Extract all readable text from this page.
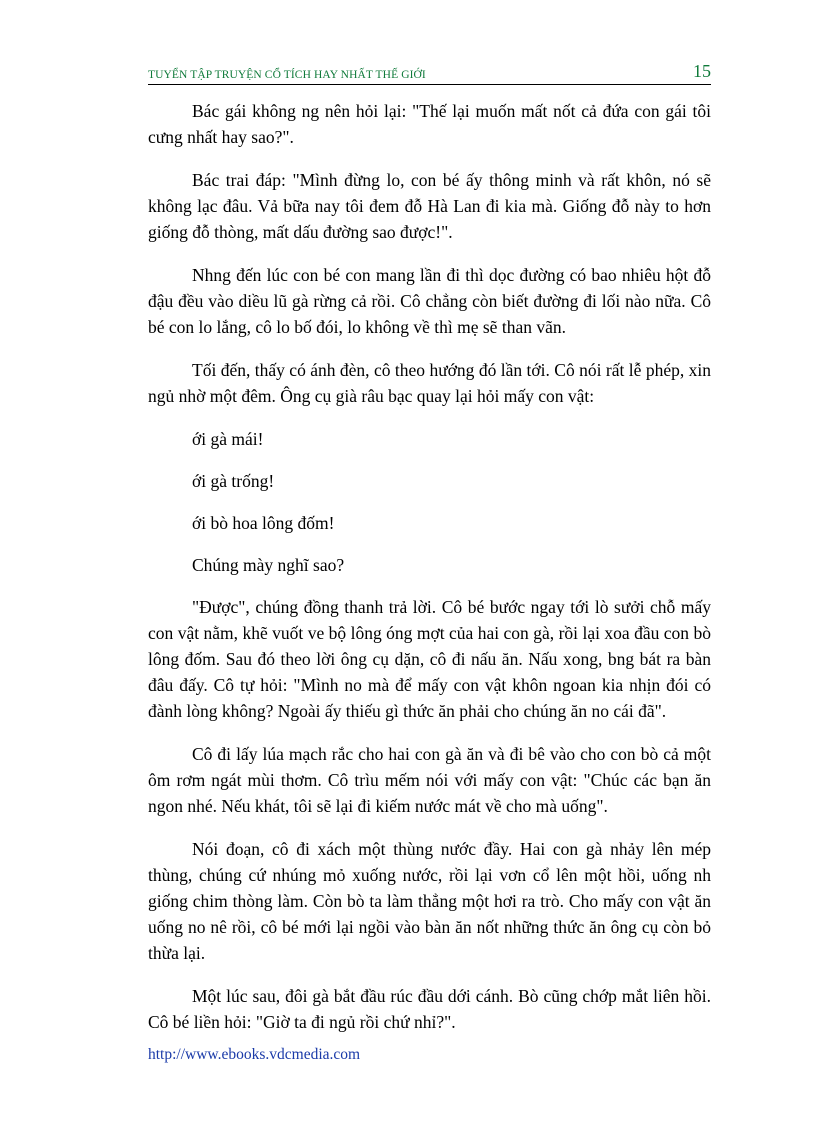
TUYỂN TẬP TRUYỆN CỔ TÍCH HAY NHẤT THẾ GIỚI	15

Bác gái không ng nên hỏi lại: "Thế lại muốn mất nốt cả đứa con gái tôi cưng nhất hay sao?".

Bác trai đáp: "Mình đừng lo, con bé ấy thông minh và rất khôn, nó sẽ không lạc đâu. Vả bữa nay tôi đem đỗ Hà Lan đi kia mà. Giống đỗ này to hơn giống đỗ thòng, mất dấu đường sao được!".

Nhng đến lúc con bé con mang lần đi thì dọc đường có bao nhiêu hột đỗ đậu đều vào diều lũ gà rừng cả rồi. Cô chẳng còn biết đường đi lối nào nữa. Cô bé con lo lắng, cô lo bố đói, lo không về thì mẹ sẽ than vãn.

Tối đến, thấy có ánh đèn, cô theo hướng đó lần tới. Cô nói rất lễ phép, xin ngủ nhờ một đêm. Ông cụ già râu bạc quay lại hỏi mấy con vật:

ới gà mái!

ới gà trống!

ới bò hoa lông đốm!

Chúng mày nghĩ sao?

"Được", chúng đồng thanh trả lời. Cô bé bước ngay tới lò sưởi chỗ mấy con vật nằm, khẽ vuốt ve bộ lông óng mợt của hai con gà, rồi lại xoa đầu con bò lông đốm. Sau đó theo lời ông cụ dặn, cô đi nấu ăn. Nấu xong, bng bát ra bàn đâu đấy. Cô tự hỏi: "Mình no mà để mấy con vật khôn ngoan kia nhịn đói có đành lòng không? Ngoài ấy thiếu gì thức ăn phải cho chúng ăn no cái đã".

Cô đi lấy lúa mạch rắc cho hai con gà ăn và đi bê vào cho con bò cả một ôm rơm ngát mùi thơm. Cô trìu mếm nói với mấy con vật: "Chúc các bạn ăn ngon nhé. Nếu khát, tôi sẽ lại đi kiếm nước mát về cho mà uống".

Nói đoạn, cô đi xách một thùng nước đầy. Hai con gà nhảy lên mép thùng, chúng cứ nhúng mỏ xuống nước, rồi lại vơn cổ lên một hồi, uống nh giống chim thòng làm. Còn bò ta làm thẳng một hơi ra trò. Cho mấy con vật ăn uống no nê rồi, cô bé mới lại ngồi vào bàn ăn nốt những thức ăn ông cụ còn bỏ thừa lại.

Một lúc sau, đôi gà bắt đầu rúc đầu dới cánh. Bò cũng chớp mắt liên hồi. Cô bé liền hỏi: "Giờ ta đi ngủ rồi chứ nhỉ?".

http://www.ebooks.vdcmedia.com
